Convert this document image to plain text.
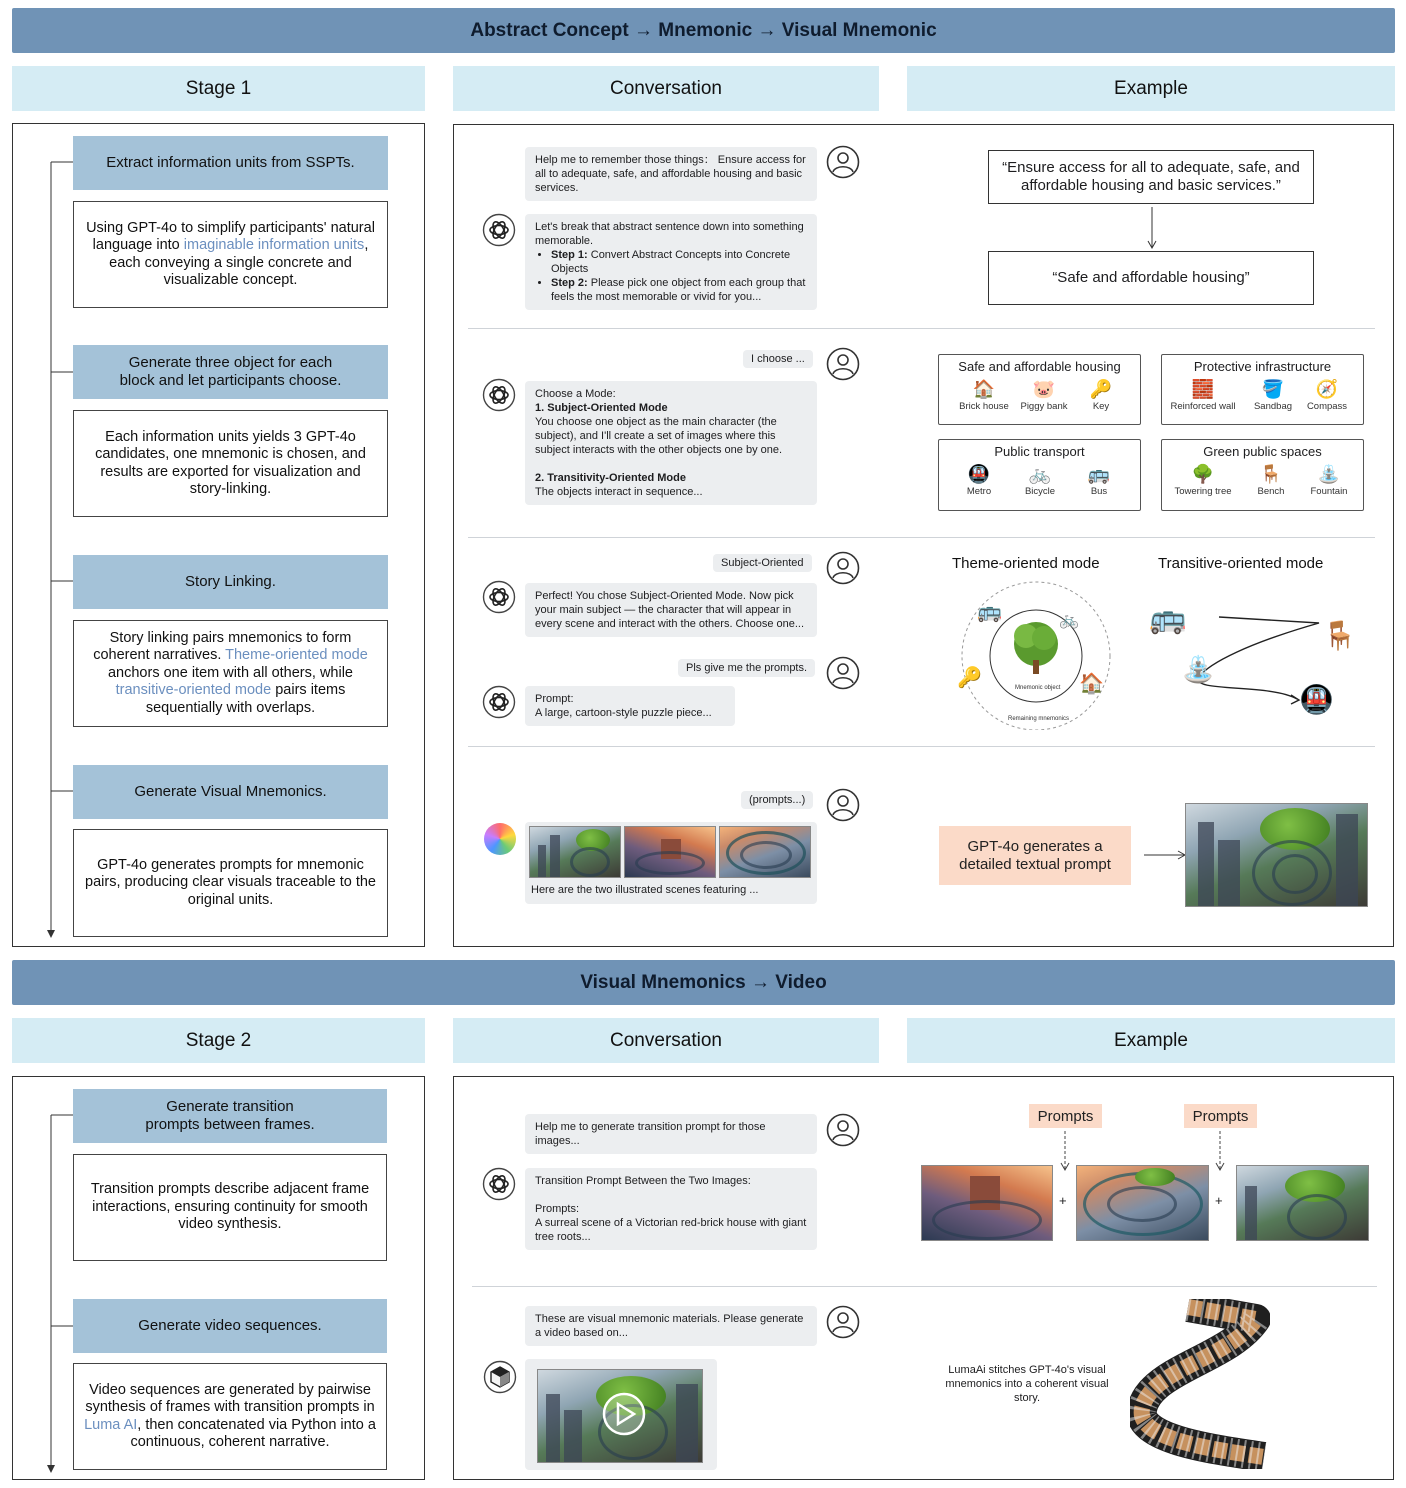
Abstract Concept → Mnemonic → Visual Mnemonic
Stage 1	Conversation	Example
Extract information units from SSPTs.
Using GPT-4o to simplify participants' natural language into imaginable information units, each conveying a single concrete and visualizable concept.
Generate three object for each
block and let participants choose.
Each information units yields 3 GPT-4o candidates, one mnemonic is chosen, and results are exported for visualization and story-linking.
Story Linking.
Story linking pairs mnemonics to form coherent narratives. Theme-oriented mode anchors one item with all others, while transitive-oriented mode pairs items sequentially with overlaps.
Generate Visual Mnemonics.
GPT-4o generates prompts for mnemonic pairs, producing clear visuals traceable to the original units.
Help me to remember those things： Ensure access for all to adequate, safe, and affordable housing and basic services.
Let's break that abstract sentence down into something memorable.
• Step 1: Convert Abstract Concepts into Concrete Objects
• Step 2: Please pick one object from each group that feels the most memorable or vivid for you...
I choose ...
Choose a Mode:
1. Subject-Oriented Mode
You choose one object as the main character (the subject), and I'll create a set of images where this subject interacts with the other objects one by one.
2. Transitivity-Oriented Mode
The objects interact in sequence...
Subject-Oriented
Perfect! You chose Subject-Oriented Mode. Now pick your main subject — the character that will appear in every scene and interact with the others. Choose one...
Pls give me the prompts.
Prompt:
A large, cartoon-style puzzle piece...
(prompts...)
Here are the two illustrated scenes featuring ...
“Ensure access for all to adequate, safe, and affordable housing and basic services.”
“Safe and affordable housing”
Safe and affordable housing
🏠
Brick house
🐷
Piggy bank
🔑
Key
Protective infrastructure
🧱
Reinforced wall
🪣
Sandbag
🧭
Compass
Public transport
🚇
Metro
🚲
Bicycle
🚌
Bus
Green public spaces
🌳
Towering tree
🪑
Bench
⛲
Fountain
Theme-oriented mode	Transitive-oriented mode
Mnemonic object
Remaining mnemonics
🚌	🚲
🔑	🏠
🚌
🪑
⛲
🚇
GPT-4o generates a detailed textual prompt
Visual Mnemonics → Video
Stage 2	Conversation	Example
Generate transition
prompts between frames.
Transition prompts describe adjacent frame interactions, ensuring continuity for smooth video synthesis.
Generate video sequences.
Video sequences are generated by pairwise synthesis of frames with transition prompts in Luma AI, then concatenated via Python into a continuous, coherent narrative.
Help me to generate transition prompt for those images...
Transition Prompt Between the Two Images:
Prompts:
A surreal scene of a Victorian red-brick house with giant tree roots...
These are visual mnemonic materials. Please generate a video based on...
Prompts	Prompts
+	+
LumaAi stitches GPT-4o's visual mnemonics into a coherent visual story.
